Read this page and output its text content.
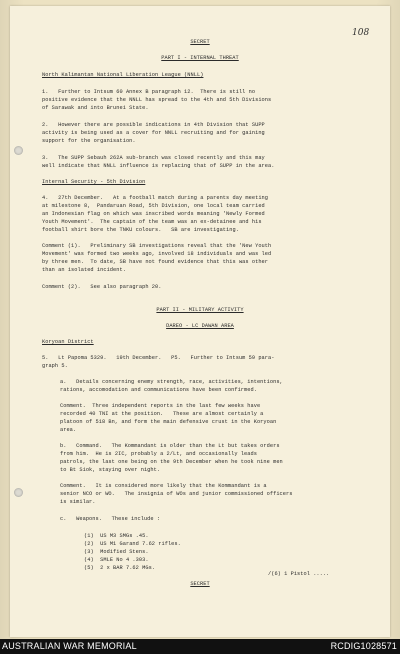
108
SECRET
PART I - INTERNAL THREAT
North Kalimantan National Liberation League (NNLL)
1.   Further to Intsum 60 Annex B paragraph 12.  There is still no
positive evidence that the NNLL has spread to the 4th and 5th Divisions
of Sarawak and into Brunei State.
2.   However there are possible indications in 4th Division that SUPP
activity is being used as a cover for NNLL recruiting and for gaining
support for the organisation.
3.   The SUPP Sebauh 262A sub-branch was closed recently and this may
well indicate that NNLL influence is replacing that of SUPP in the area.
Internal Security - 5th Division
4.   27th December.   At a football match during a parents day meeting
at milestone 8,  Pandaruan Road, 5th Division, one local team carried
an Indonesian flag on which was inscribed words meaning 'Newly Formed
Youth Movement'.  The captain of the team was an ex-detainee and his
football shirt bore the TNKU colours.   SB are investigating.
Comment (1).   Preliminary SB investigations reveal that the 'New Youth
Movement' was formed two weeks ago, involved 18 individuals and was led
by three men.  To date, SB have not found evidence that this was other
than an isolated incident.
Comment (2).   See also paragraph 20.
PART II - MILITARY ACTIVITY
DAREO - LC DAWAN AREA
Koryoan District
5.   Lt Papoma 5329.   19th December.   P5.   Further to Intsum 59 para-
graph 5.
a.   Details concerning enemy strength, race, activities, intentions,
rations, accomodation and communications have been confirmed.
Comment.  Three independent reports in the last few weeks have
recorded 40 TNI at the position.   These are almost certainly a
platoon of 518 Bn, and form the main defensive crust in the Koryoan
area.
b.   Command.   The Kommandant is older than the Lt but takes orders
from him.  He is 2IC, probably a 2/Lt, and occasionally leads
patrols, the last one being on the 9th December when he took nine men
to Bt Siok, staying over night.
Comment.   It is considered more likely that the Kommandant is a
senior NCO or WO.   The insignia of WOs and junior commissioned officers
is similar.
c.   Weapons.   These include :
(1)  US M3 SMGs .45.
(2)  US M1 Garand 7.62 rifles.
(3)  Modified Stens.
(4)  SMLE No 4 .303.
(5)  2 x BAR 7.62 MGs.
/(6) 1 Pistol .....
SECRET
AUSTRALIAN WAR MEMORIAL	RCDIG1028571
